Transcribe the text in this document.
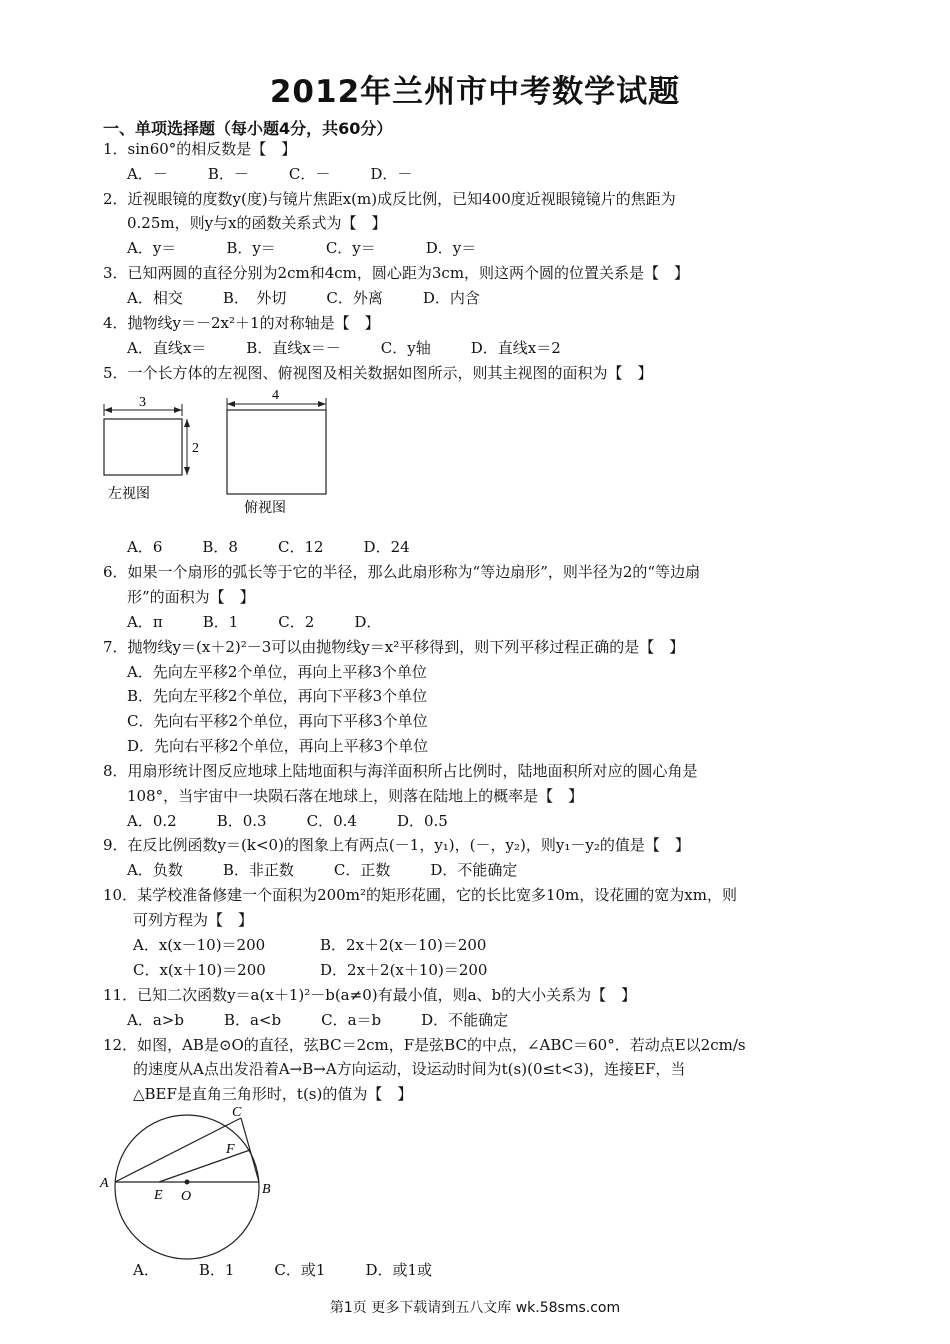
2012年兰州市中考数学试题
一、单项选择题（每小题4分，共60分）
1．sin60°的相反数是【　】
A．－	B．－	C．－	D．－
2．近视眼镜的度数y(度)与镜片焦距x(m)成反比例，已知400度近视眼镜镜片的焦距为
0.25m，则y与x的函数关系式为【　】
A．y＝	B．y＝	C．y＝	D．y＝
3．已知两圆的直径分别为2cm和4cm，圆心距为3cm，则这两个圆的位置关系是【　】
A．相交	B．　外切	C．外离	D．内含
4．抛物线y＝－2x²＋1的对称轴是【　】
A．直线x＝	B．直线x＝－	C．y轴	D．直线x＝2
5．一个长方体的左视图、俯视图及相关数据如图所示，则其主视图的面积为【　】
3
2
左视图
4
俯视图
A．6	B．8	C．12	D．24
6．如果一个扇形的弧长等于它的半径，那么此扇形称为“等边扇形”，则半径为2的“等边扇
形”的面积为【　】
A．π	B．1	C．2	D．
7．抛物线y＝(x＋2)²－3可以由抛物线y＝x²平移得到，则下列平移过程正确的是【　】
A．先向左平移2个单位，再向上平移3个单位
B．先向左平移2个单位，再向下平移3个单位
C．先向右平移2个单位，再向下平移3个单位
D．先向右平移2个单位，再向上平移3个单位
8．用扇形统计图反应地球上陆地面积与海洋面积所占比例时，陆地面积所对应的圆心角是
108°，当宇宙中一块陨石落在地球上，则落在陆地上的概率是【　】
A．0.2	B．0.3	C．0.4	D．0.5
9．在反比例函数y＝(k<0)的图象上有两点(－1，y₁)，(－，y₂)，则y₁－y₂的值是【　】
A．负数	B．非正数	C．正数	D．不能确定
10．某学校准备修建一个面积为200m²的矩形花圃，它的长比宽多10m，设花圃的宽为xm，则
可列方程为【　】
A．x(x－10)＝200	B．2x＋2(x－10)＝200
C．x(x＋10)＝200	D．2x＋2(x＋10)＝200
11．已知二次函数y＝a(x＋1)²－b(a≠0)有最小值，则a、b的大小关系为【　】
A．a>b	B．a<b	C．a＝b	D．不能确定
12．如图，AB是⊙O的直径，弦BC＝2cm，F是弦BC的中点，∠ABC＝60°．若动点E以2cm/s
的速度从A点出发沿着A→B→A方向运动，设运动时间为t(s)(0≤t<3)，连接EF，当
△BEF是直角三角形时，t(s)的值为【　】
A	B
C
F
E O
A．	B．1	C．或1	D．或1或
第1页 更多下载请到五八文库 wk.58sms.com
